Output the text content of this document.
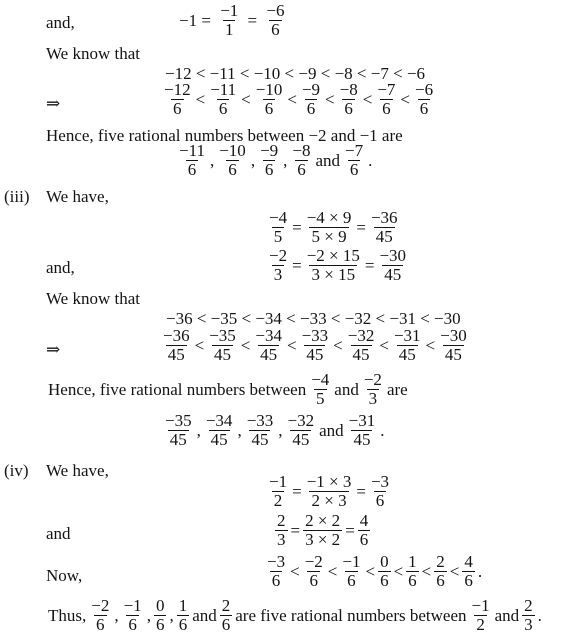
and,	$-1 = \frac{-1}{1} = \frac{-6}{6}$
We know that
−12 < −11 < −10 < −9 < −8 < −7 < −6
⇒	$\frac{-12}{6} < \frac{-11}{6} < \frac{-10}{6} < \frac{-9}{6} < \frac{-8}{6} < \frac{-7}{6} < \frac{-6}{6}$
Hence, five rational numbers between −2 and −1 are
$\frac{-11}{6}$ , $\frac{-10}{6}$ , $\frac{-9}{6}$ , $\frac{-8}{6}$ and $\frac{-7}{6}$ .
(iii) We have,
$\frac{-4}{5} = \frac{-4 \times 9}{5 \times 9} = \frac{-36}{45}$
and,	$\frac{-2}{3} = \frac{-2 \times 15}{3 \times 15} = \frac{-30}{45}$
We know that
−36 < −35 < −34 < −33 < −32 < −31 < −30
⇒	$\frac{-36}{45} < \frac{-35}{45} < \frac{-34}{45} < \frac{-33}{45} < \frac{-32}{45} < \frac{-31}{45} < \frac{-30}{45}$
Hence, five rational numbers between $\frac{-4}{5}$ and $\frac{-2}{3}$ are
$\frac{-35}{45}$ , $\frac{-34}{45}$ , $\frac{-33}{45}$ , $\frac{-32}{45}$ and $\frac{-31}{45}$ .
(iv) We have,
$\frac{-1}{2} = \frac{-1 \times 3}{2 \times 3} = \frac{-3}{6}$
and	$\frac{2}{3} = \frac{2 \times 2}{3 \times 2} = \frac{4}{6}$
Now,	$\frac{-3}{6} < \frac{-2}{6} < \frac{-1}{6} < \frac{0}{6} < \frac{1}{6} < \frac{2}{6} < \frac{4}{6}$ .
Thus, $\frac{-2}{6}$ , $\frac{-1}{6}$ , $\frac{0}{6}$ , $\frac{1}{6}$ and $\frac{2}{6}$ are five rational numbers between $\frac{-1}{2}$ and $\frac{2}{3}$ .
